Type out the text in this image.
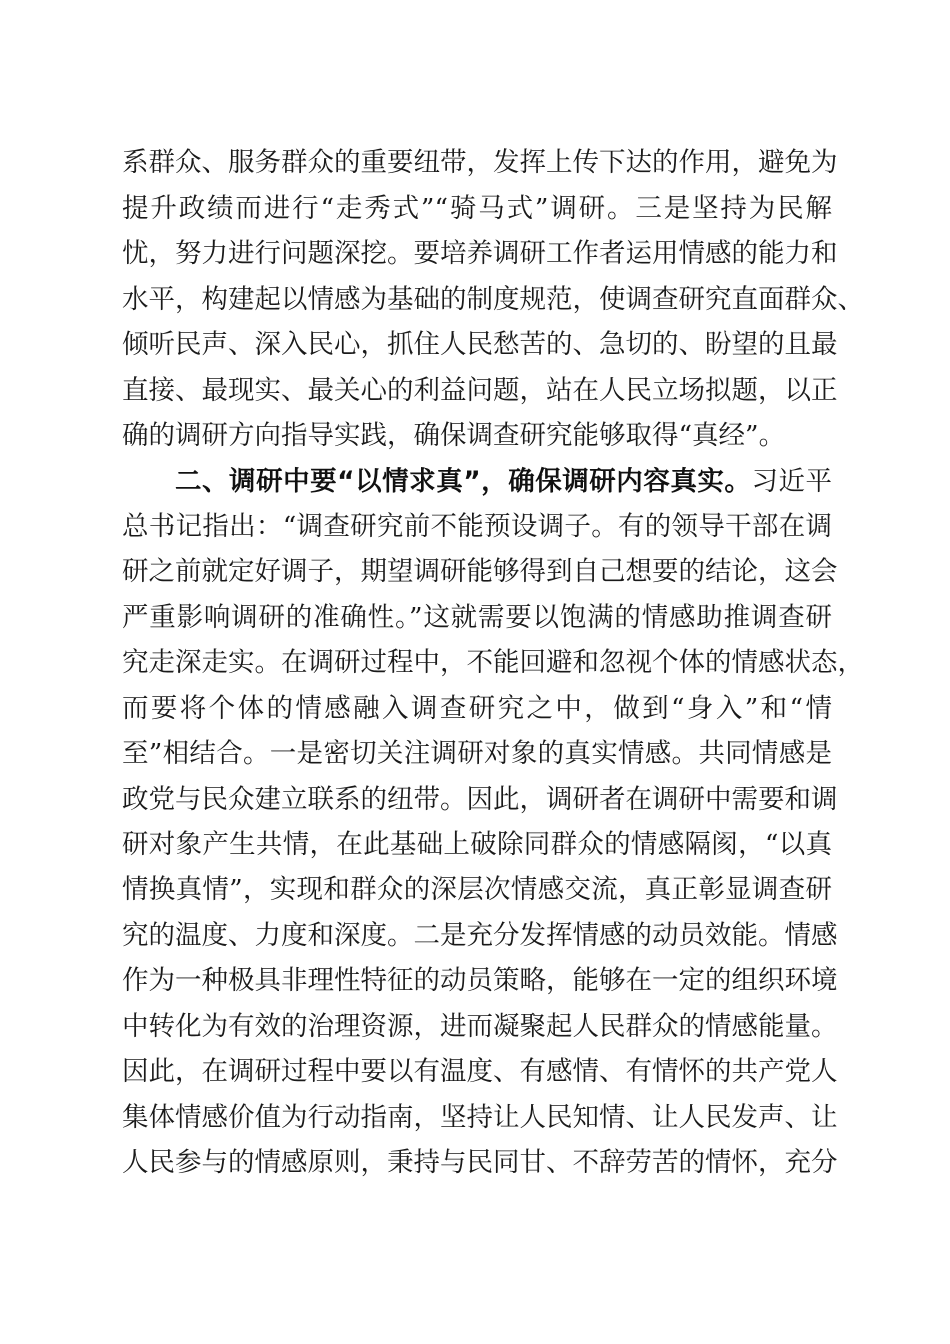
系群众、服务群众的重要纽带，发挥上传下达的作用，避免为
提升政绩而进行“走秀式”“骑马式”调研。三是坚持为民解
忧，努力进行问题深挖。要培养调研工作者运用情感的能力和
水平，构建起以情感为基础的制度规范，使调查研究直面群众、
倾听民声、深入民心，抓住人民愁苦的、急切的、盼望的且最
直接、最现实、最关心的利益问题，站在人民立场拟题，以正
确的调研方向指导实践，确保调查研究能够取得“真经”。
二、调研中要“以情求真”，确保调研内容真实。习近平
总书记指出：“调查研究前不能预设调子。有的领导干部在调
研之前就定好调子，期望调研能够得到自己想要的结论，这会
严重影响调研的准确性。”这就需要以饱满的情感助推调查研
究走深走实。在调研过程中，不能回避和忽视个体的情感状态，
而要将个体的情感融入调查研究之中，做到“身入”和“情
至”相结合。一是密切关注调研对象的真实情感。共同情感是
政党与民众建立联系的纽带。因此，调研者在调研中需要和调
研对象产生共情，在此基础上破除同群众的情感隔阂，“以真
情换真情”，实现和群众的深层次情感交流，真正彰显调查研
究的温度、力度和深度。二是充分发挥情感的动员效能。情感
作为一种极具非理性特征的动员策略，能够在一定的组织环境
中转化为有效的治理资源，进而凝聚起人民群众的情感能量。
因此，在调研过程中要以有温度、有感情、有情怀的共产党人
集体情感价值为行动指南，坚持让人民知情、让人民发声、让
人民参与的情感原则，秉持与民同甘、不辞劳苦的情怀，充分
